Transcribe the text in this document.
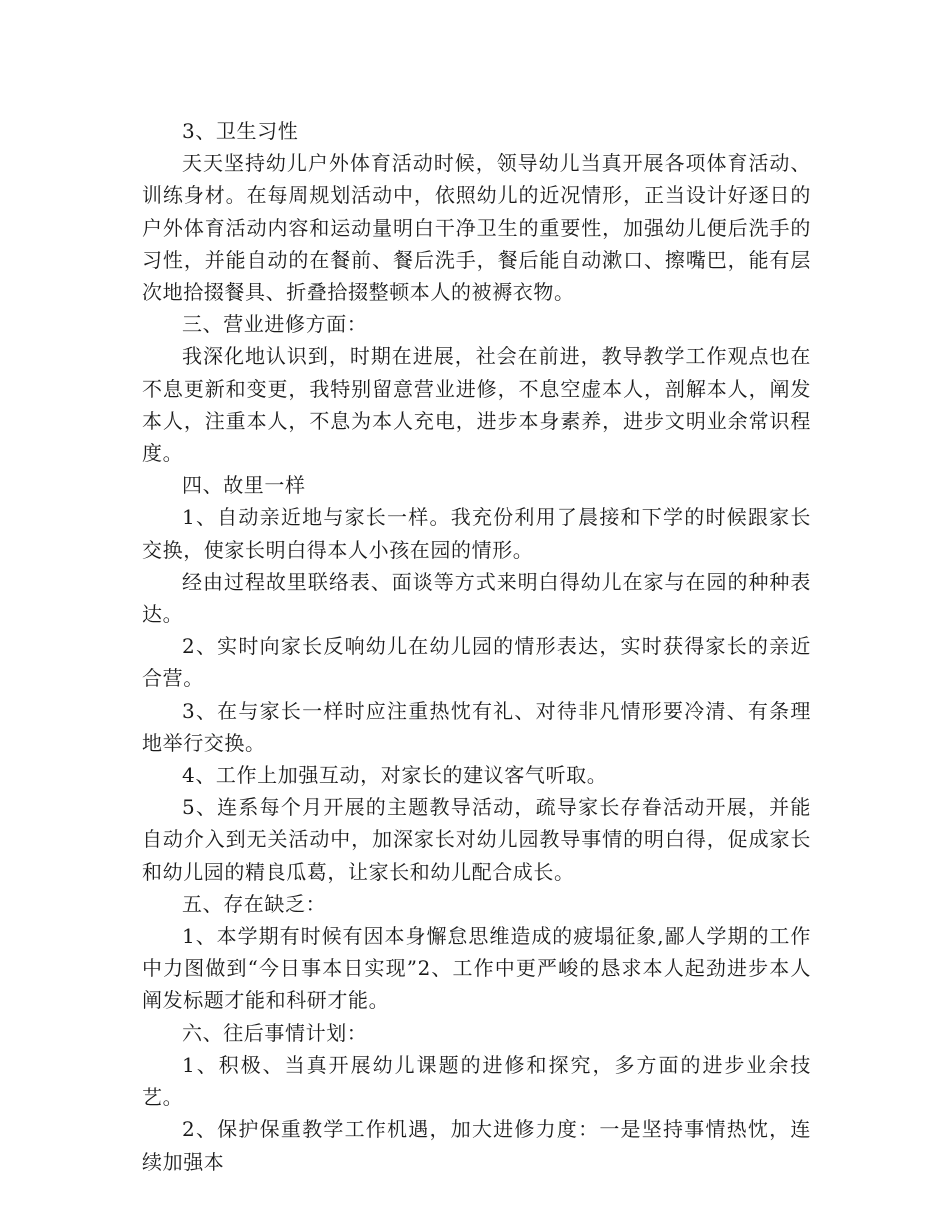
3、卫生习性

天天坚持幼儿户外体育活动时候，领导幼儿当真开展各项体育活动、训练身材。在每周规划活动中，依照幼儿的近况情形，正当设计好逐日的户外体育活动内容和运动量明白干净卫生的重要性，加强幼儿便后洗手的习性，并能自动的在餐前、餐后洗手，餐后能自动漱口、擦嘴巴，能有层次地拾掇餐具、折叠拾掇整顿本人的被褥衣物。

三、营业进修方面：

我深化地认识到，时期在进展，社会在前进，教导教学工作观点也在不息更新和变更，我特别留意营业进修，不息空虚本人，剖解本人，阐发本人，注重本人，不息为本人充电，进步本身素养，进步文明业余常识程度。

四、故里一样

1、自动亲近地与家长一样。我充份利用了晨接和下学的时候跟家长交换，使家长明白得本人小孩在园的情形。

经由过程故里联络表、面谈等方式来明白得幼儿在家与在园的种种表达。

2、实时向家长反响幼儿在幼儿园的情形表达，实时获得家长的亲近合营。

3、在与家长一样时应注重热忱有礼、对待非凡情形要冷清、有条理地举行交换。

4、工作上加强互动，对家长的建议客气听取。

5、连系每个月开展的主题教导活动，疏导家长存眷活动开展，并能自动介入到无关活动中，加深家长对幼儿园教导事情的明白得，促成家长和幼儿园的精良瓜葛，让家长和幼儿配合成长。

五、存在缺乏：

1、本学期有时候有因本身懈怠思维造成的疲塌征象,鄙人学期的工作中力图做到“今日事本日实现”2、工作中更严峻的恳求本人起劲进步本人阐发标题才能和科研才能。

六、往后事情计划：

1、积极、当真开展幼儿课题的进修和探究，多方面的进步业余技艺。

2、保护保重教学工作机遇，加大进修力度：一是坚持事情热忱，连续加强本
